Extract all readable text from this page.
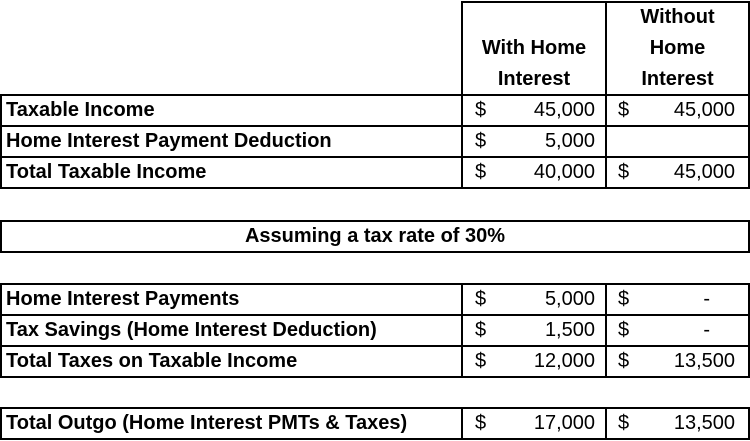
With Home
Interest
Without
Home
Interest
Taxable Income	$	45,000 $	45,000
Home Interest Payment Deduction	$	5,000
Total Taxable Income	$	40,000 $	45,000
Assuming a tax rate of 30%
Home Interest Payments	$	5,000 $	-
Tax Savings (Home Interest Deduction)	$	1,500 $	-
Total Taxes on Taxable Income	$	12,000 $	13,500
Total Outgo (Home Interest PMTs & Taxes)	$	17,000 $	13,500
